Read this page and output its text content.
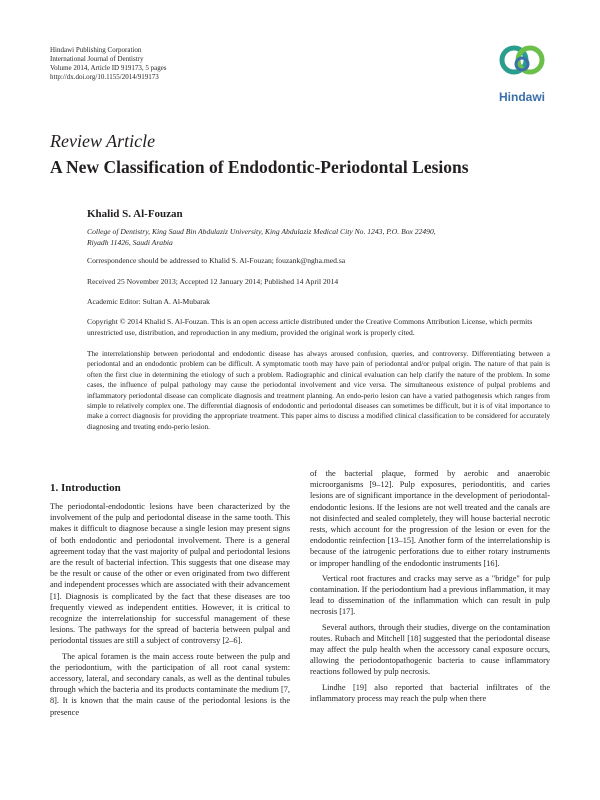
Hindawi Publishing Corporation
International Journal of Dentistry
Volume 2014, Article ID 919173, 5 pages
http://dx.doi.org/10.1155/2014/919173
Hindawi
Review Article
A New Classification of Endodontic-Periodontal Lesions
Khalid S. Al-Fouzan
College of Dentistry, King Saud Bin Abdulaziz University, King Abdulaziz Medical City No. 1243, P.O. Box 22490,
Riyadh 11426, Saudi Arabia
Correspondence should be addressed to Khalid S. Al-Fouzan; fouzank@ngha.med.sa
Received 25 November 2013; Accepted 12 January 2014; Published 14 April 2014
Academic Editor: Sultan A. Al-Mubarak
Copyright © 2014 Khalid S. Al-Fouzan. This is an open access article distributed under the Creative Commons Attribution License, which permits unrestricted use, distribution, and reproduction in any medium, provided the original work is properly cited.
The interrelationship between periodontal and endodontic disease has always aroused confusion, queries, and controversy. Differentiating between a periodontal and an endodontic problem can be difficult. A symptomatic tooth may have pain of periodontal and/or pulpal origin. The nature of that pain is often the first clue in determining the etiology of such a problem. Radiographic and clinical evaluation can help clarify the nature of the problem. In some cases, the influence of pulpal pathology may cause the periodontal involvement and vice versa. The simultaneous existence of pulpal problems and inflammatory periodontal disease can complicate diagnosis and treatment planning. An endo-perio lesion can have a varied pathogenesis which ranges from simple to relatively complex one. The differential diagnosis of endodontic and periodontal diseases can sometimes be difficult, but it is of vital importance to make a correct diagnosis for providing the appropriate treatment. This paper aims to discuss a modified clinical classification to be considered for accurately diagnosing and treating endo-perio lesion.
1. Introduction

The periodontal-endodontic lesions have been characterized by the involvement of the pulp and periodontal disease in the same tooth. This makes it difficult to diagnose because a single lesion may present signs of both endodontic and periodontal involvement. There is a general agreement today that the vast majority of pulpal and periodontal lesions are the result of bacterial infection. This suggests that one disease may be the result or cause of the other or even originated from two different and independent processes which are associated with their advancement [1]. Diagnosis is complicated by the fact that these diseases are too frequently viewed as independent entities. However, it is critical to recognize the interrelationship for successful management of these lesions. The pathways for the spread of bacteria between pulpal and periodontal tissues are still a subject of controversy [2–6].

The apical foramen is the main access route between the pulp and the periodontium, with the participation of all root canal system: accessory, lateral, and secondary canals, as well as the dentinal tubules through which the bacteria and its products contaminate the medium [7, 8]. It is known that the main cause of the periodontal lesions is the presence

of the bacterial plaque, formed by aerobic and anaerobic microorganisms [9–12]. Pulp exposures, periodontitis, and caries lesions are of significant importance in the development of periodontal-endodontic lesions. If the lesions are not well treated and the canals are not disinfected and sealed completely, they will house bacterial necrotic rests, which account for the progression of the lesion or even for the endodontic reinfection [13–15]. Another form of the interrelationship is because of the iatrogenic perforations due to either rotary instruments or improper handling of the endodontic instruments [16].

Vertical root fractures and cracks may serve as a "bridge" for pulp contamination. If the periodontium had a previous inflammation, it may lead to dissemination of the inflammation which can result in pulp necrosis [17].

Several authors, through their studies, diverge on the contamination routes. Rubach and Mitchell [18] suggested that the periodontal disease may affect the pulp health when the accessory canal exposure occurs, allowing the periodontopathogenic bacteria to cause inflammatory reactions followed by pulp necrosis.

Lindhe [19] also reported that bacterial infiltrates of the inflammatory process may reach the pulp when there
